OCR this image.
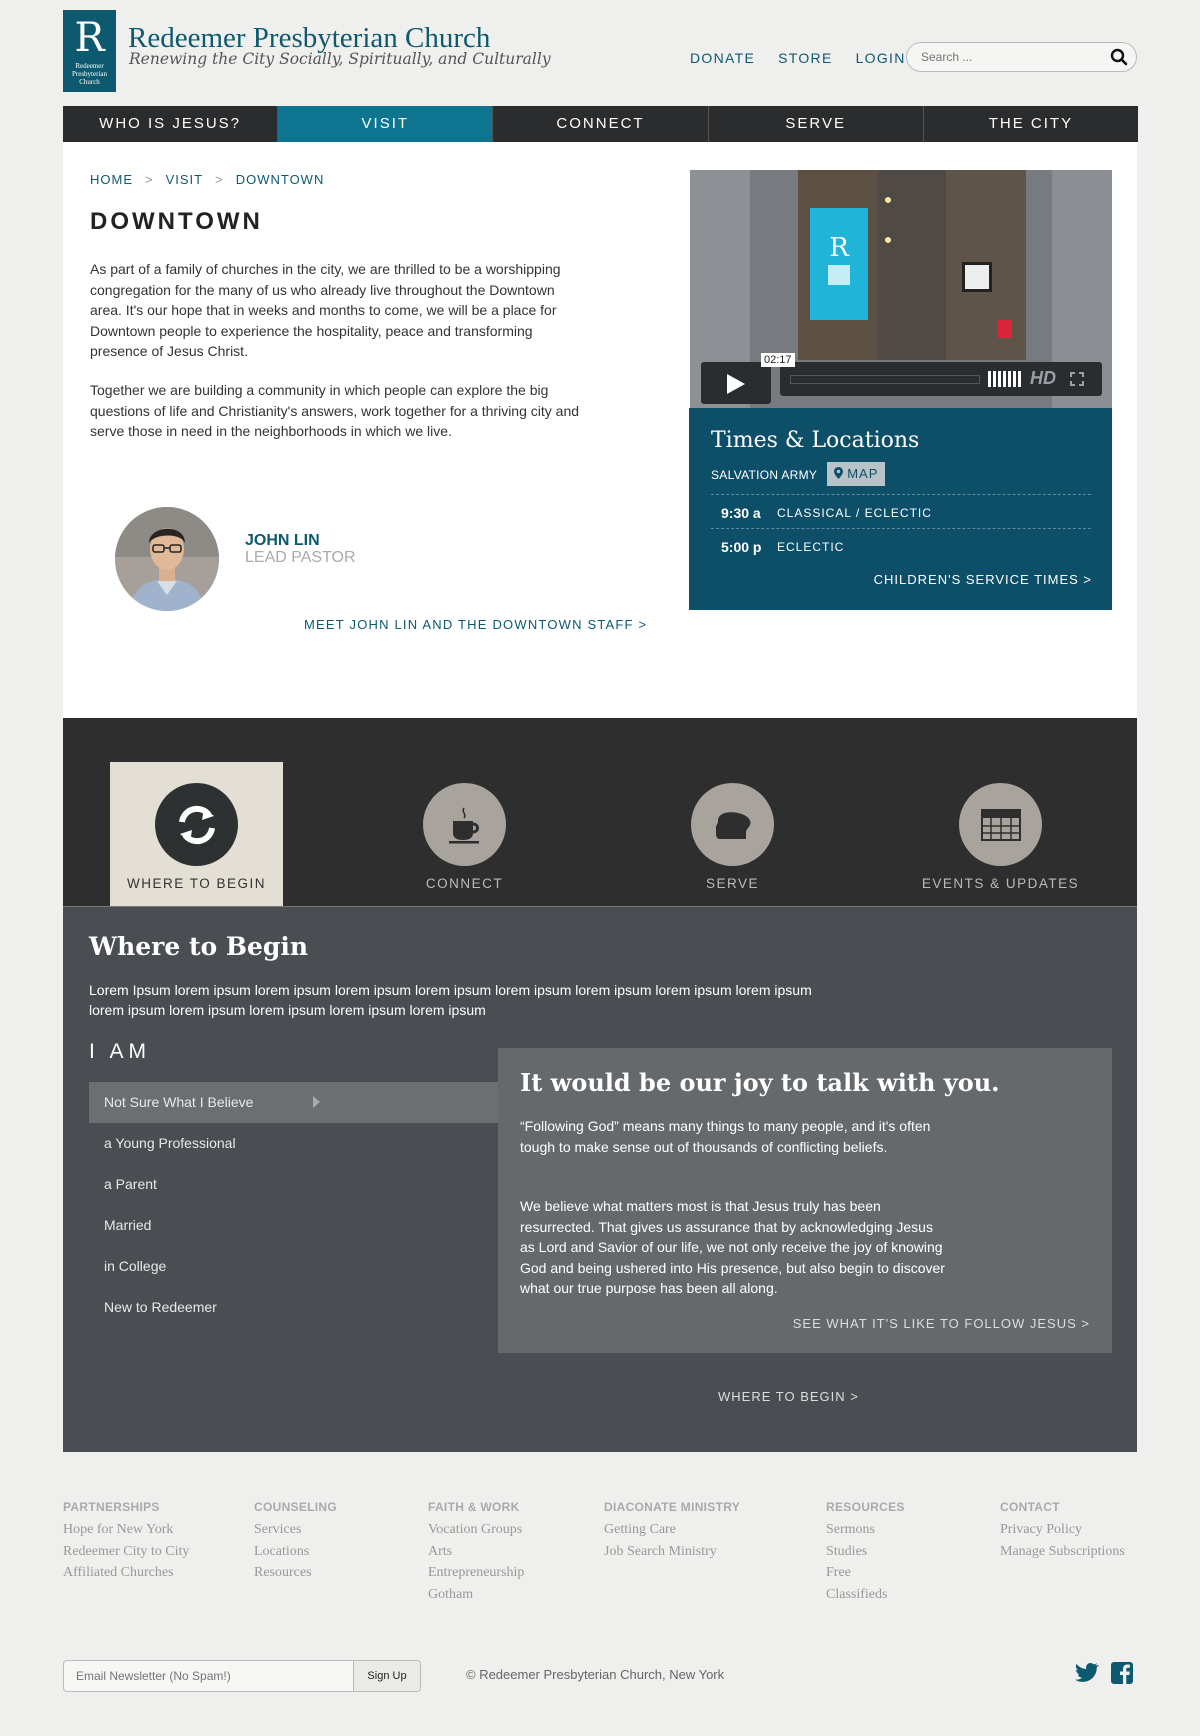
R
Redeemer
Presbyterian
Church
Redeemer Presbyterian Church
Renewing the City Socially, Spiritually, and Culturally	DONATE STORE LOGIN
Search ...
WHO IS JESUS?	VISIT	CONNECT	SERVE	THE CITY
HOME > VISIT > DOWNTOWN
DOWNTOWN

As part of a family of churches in the city, we are thrilled to be a worshipping congregation for the many of us who already live throughout the Downtown area. It's our hope that in weeks and months to come, we will be a place for Downtown people to experience the hospitality, peace and transforming presence of Jesus Christ.

Together we are building a community in which people can explore the big questions of life and Christianity's answers, work together for a thriving city and serve those in need in the neighborhoods in which we live.

JOHN LIN
LEAD PASTOR
MEET JOHN LIN AND THE DOWNTOWN STAFF >
R
HD
02:17
Times & Locations
SALVATION ARMY	MAP
9:30 a CLASSICAL / ECLECTIC
5:00 p ECLECTIC
CHILDREN'S SERVICE TIMES >
WHERE TO BEGIN	CONNECT	SERVE	EVENTS & UPDATES
Where to Begin
Lorem Ipsum lorem ipsum lorem ipsum lorem ipsum lorem ipsum lorem ipsum lorem ipsum lorem ipsum lorem ipsum lorem ipsum lorem ipsum lorem ipsum lorem ipsum lorem ipsum
I AM
Not Sure What I Believe
a Young Professional
a Parent
Married
in College
New to Redeemer
It would be our joy to talk with you.

“Following God” means many things to many people, and it's often tough to make sense out of thousands of conflicting beliefs.

We believe what matters most is that Jesus truly has been resurrected. That gives us assurance that by acknowledging Jesus as Lord and Savior of our life, we not only receive the joy of knowing God and being ushered into His presence, but also begin to discover what our true purpose has been all along.

SEE WHAT IT'S LIKE TO FOLLOW JESUS >
WHERE TO BEGIN >
PARTNERSHIPS
Hope for New York
Redeemer City to City
Affiliated Churches
COUNSELING
Services
Locations
Resources
FAITH & WORK
Vocation Groups
Arts
Entrepreneurship
Gotham
DIACONATE MINISTRY
Getting Care
Job Search Ministry
RESOURCES
Sermons
Studies
Free
Classifieds
CONTACT
Privacy Policy
Manage Subscriptions
Email Newsletter (No Spam!)
Sign Up	© Redeemer Presbyterian Church, New York
